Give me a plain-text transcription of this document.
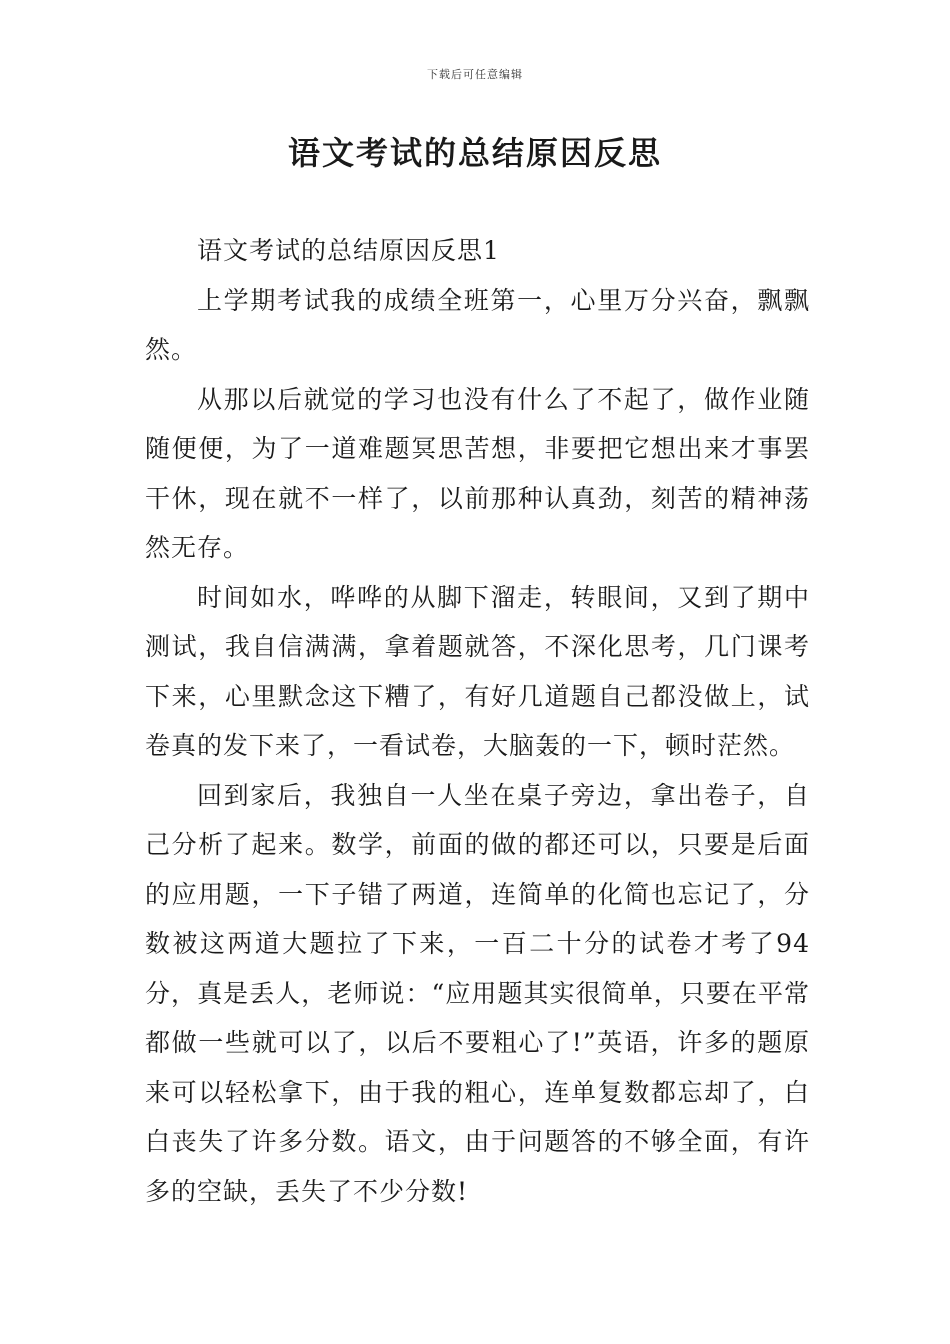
下载后可任意编辑
语文考试的总结原因反思

语文考试的总结原因反思1

上学期考试我的成绩全班第一，心里万分兴奋，飘飘然。

从那以后就觉的学习也没有什么了不起了，做作业随随便便，为了一道难题冥思苦想，非要把它想出来才事罢干休，现在就不一样了，以前那种认真劲，刻苦的精神荡然无存。

时间如水，哗哗的从脚下溜走，转眼间，又到了期中测试，我自信满满，拿着题就答，不深化思考，几门课考下来，心里默念这下糟了，有好几道题自己都没做上，试卷真的发下来了，一看试卷，大脑轰的一下，顿时茫然。

回到家后，我独自一人坐在桌子旁边，拿出卷子，自己分析了起来。数学，前面的做的都还可以，只要是后面的应用题，一下子错了两道，连简单的化简也忘记了，分数被这两道大题拉了下来，一百二十分的试卷才考了94分，真是丢人，老师说：“应用题其实很简单，只要在平常都做一些就可以了，以后不要粗心了!”英语，许多的题原来可以轻松拿下，由于我的粗心，连单复数都忘却了，白白丧失了许多分数。语文，由于问题答的不够全面，有许多的空缺，丢失了不少分数!
